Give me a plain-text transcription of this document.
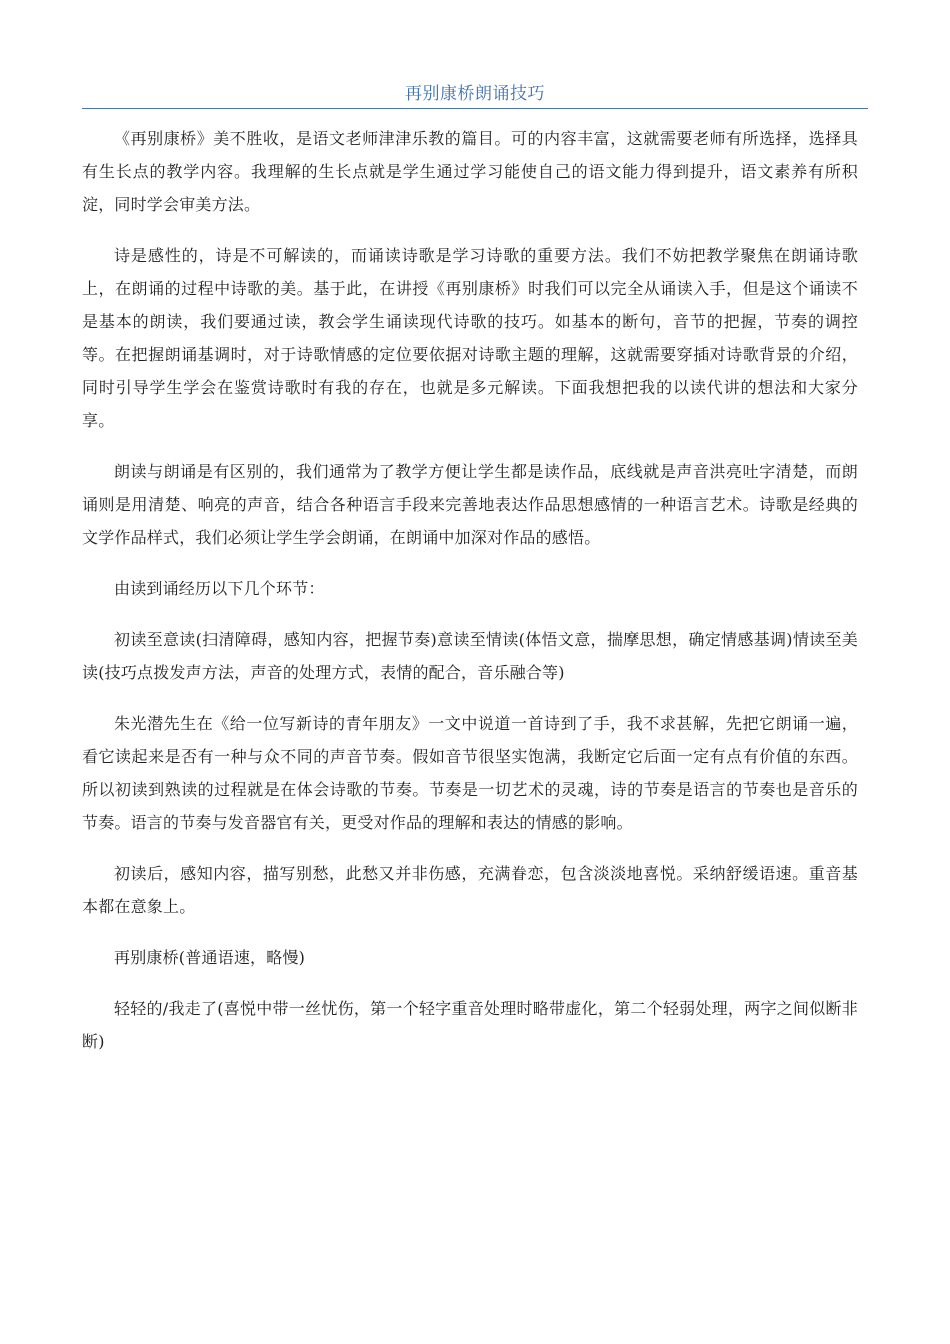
再别康桥朗诵技巧

《再别康桥》美不胜收，是语文老师津津乐教的篇目。可的内容丰富，这就需要老师有所选择，选择具有生长点的教学内容。我理解的生长点就是学生通过学习能使自己的语文能力得到提升，语文素养有所积淀，同时学会审美方法。

诗是感性的，诗是不可解读的，而诵读诗歌是学习诗歌的重要方法。我们不妨把教学聚焦在朗诵诗歌上，在朗诵的过程中诗歌的美。基于此，在讲授《再别康桥》时我们可以完全从诵读入手，但是这个诵读不是基本的朗读，我们要通过读，教会学生诵读现代诗歌的技巧。如基本的断句，音节的把握，节奏的调控等。在把握朗诵基调时，对于诗歌情感的定位要依据对诗歌主题的理解，这就需要穿插对诗歌背景的介绍，同时引导学生学会在鉴赏诗歌时有我的存在，也就是多元解读。下面我想把我的以读代讲的想法和大家分享。

朗读与朗诵是有区别的，我们通常为了教学方便让学生都是读作品，底线就是声音洪亮吐字清楚，而朗诵则是用清楚、响亮的声音，结合各种语言手段来完善地表达作品思想感情的一种语言艺术。诗歌是经典的文学作品样式，我们必须让学生学会朗诵，在朗诵中加深对作品的感悟。

由读到诵经历以下几个环节：

初读至意读(扫清障碍，感知内容，把握节奏)意读至情读(体悟文意，揣摩思想，确定情感基调)情读至美读(技巧点拨发声方法，声音的处理方式，表情的配合，音乐融合等)

朱光潜先生在《给一位写新诗的青年朋友》一文中说道一首诗到了手，我不求甚解，先把它朗诵一遍，看它读起来是否有一种与众不同的声音节奏。假如音节很坚实饱满，我断定它后面一定有点有价值的东西。所以初读到熟读的过程就是在体会诗歌的节奏。节奏是一切艺术的灵魂，诗的节奏是语言的节奏也是音乐的节奏。语言的节奏与发音器官有关，更受对作品的理解和表达的情感的影响。

初读后，感知内容，描写别愁，此愁又并非伤感，充满眷恋，包含淡淡地喜悦。采纳舒缓语速。重音基本都在意象上。

再别康桥(普通语速，略慢)

轻轻的/我走了(喜悦中带一丝忧伤，第一个轻字重音处理时略带虚化，第二个轻弱处理，两字之间似断非断)
